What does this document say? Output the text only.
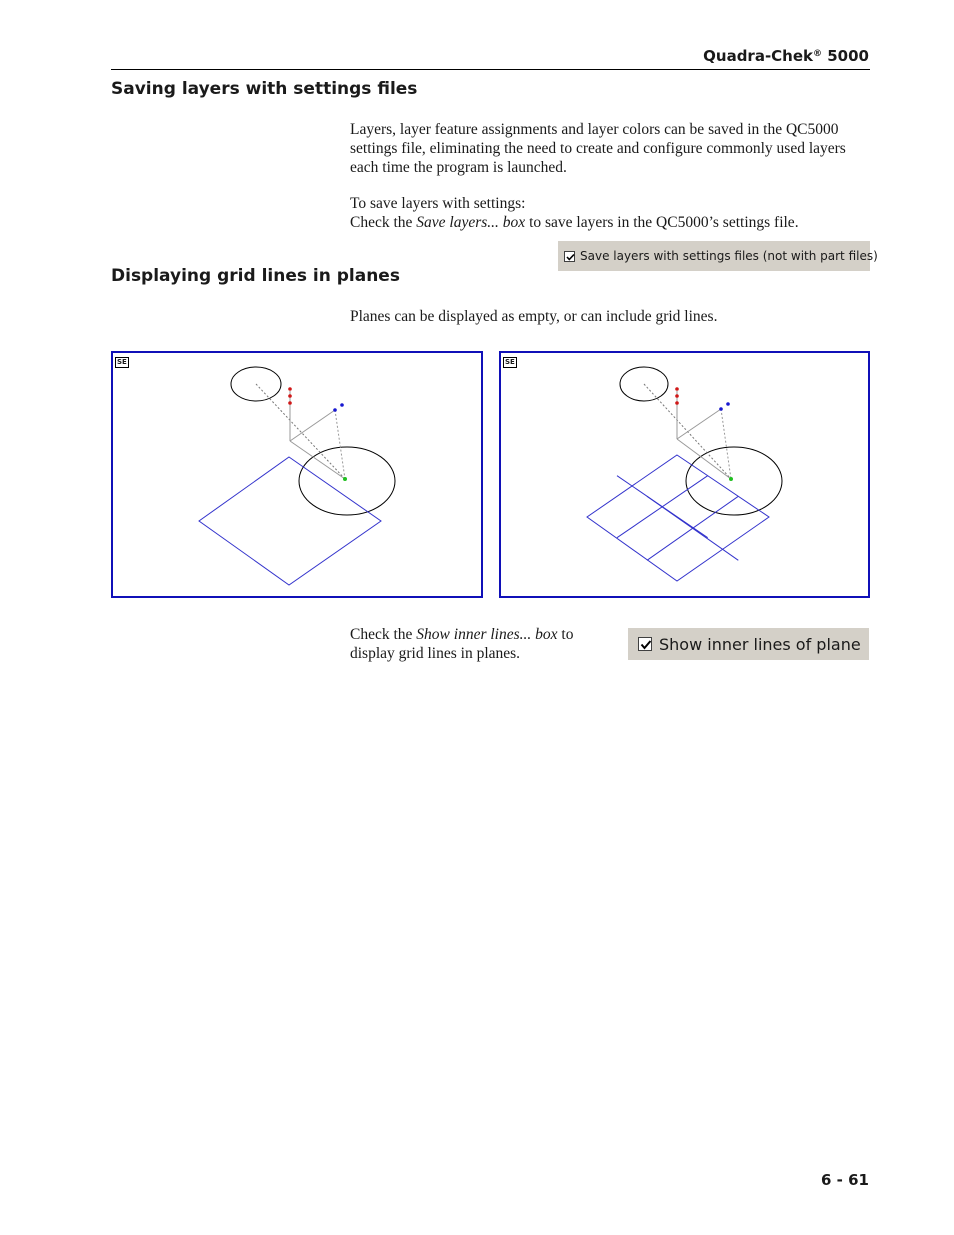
Quadra-Chek® 5000
Saving layers with settings files

Layers, layer feature assignments and layer colors can be saved in the QC5000 settings file, eliminating the need to create and configure commonly used layers each time the program is launched.

To save layers with settings:
Check the Save layers... box to save layers in the QC5000’s settings file.

Save layers with settings files (not with part files)
Displaying grid lines in planes

Planes can be displayed as empty, or can include grid lines.

SE	SE

Check the Show inner lines... box to display grid lines in planes.	Show inner lines of plane
6 - 61
